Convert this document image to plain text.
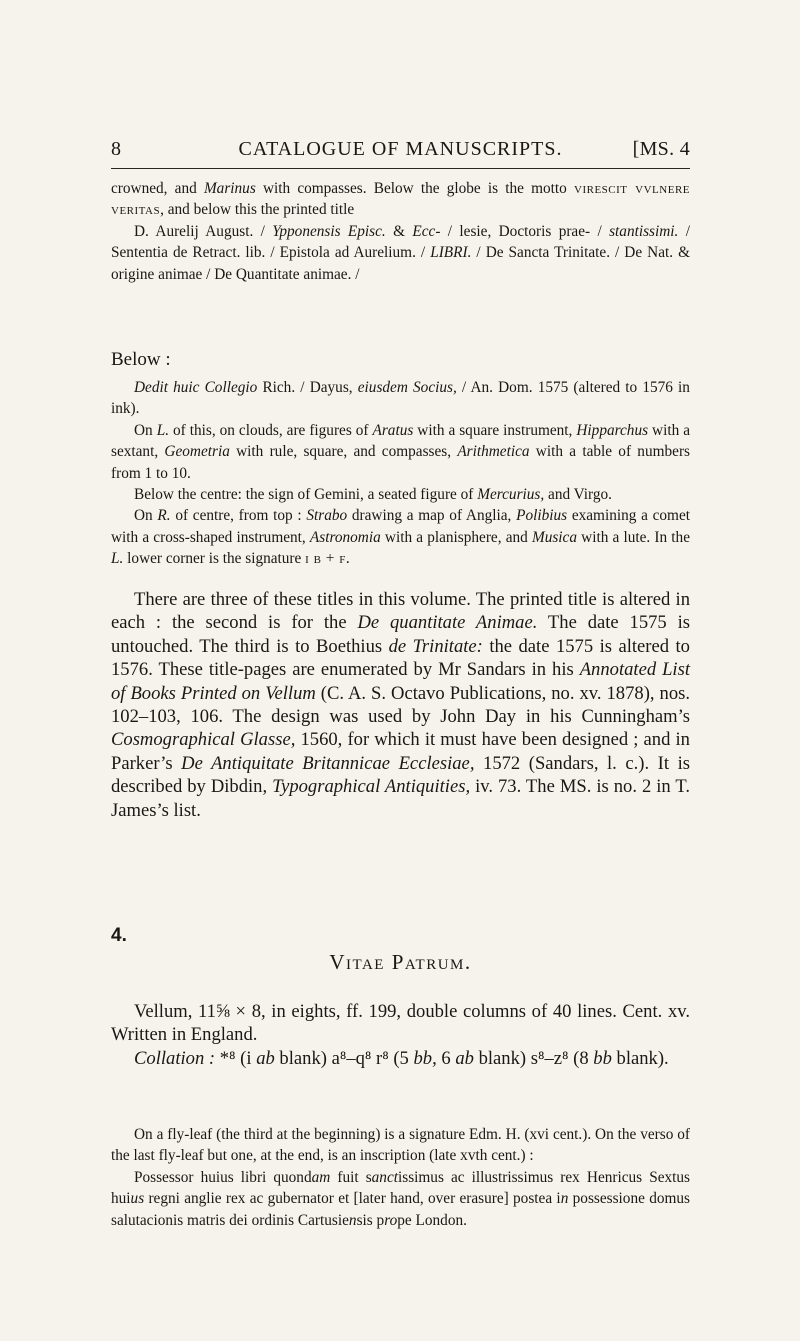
8	CATALOGUE OF MANUSCRIPTS.	[MS. 4

crowned, and Marinus with compasses. Below the globe is the motto virescit vvlnere veritas, and below this the printed title

D. Aurelij August. / Ypponensis Episc. & Ecc- / lesie, Doctoris prae- / stantissimi. / Sententia de Retract. lib. / Epistola ad Aurelium. / LIBRI. / De Sancta Trinitate. / De Nat. & origine animae / De Quantitate animae. /

Below :

Dedit huic Collegio Rich. / Dayus, eiusdem Socius, / An. Dom. 1575 (altered to 1576 in ink).

On L. of this, on clouds, are figures of Aratus with a square instrument, Hipparchus with a sextant, Geometria with rule, square, and compasses, Arithmetica with a table of numbers from 1 to 10.

Below the centre: the sign of Gemini, a seated figure of Mercurius, and Virgo.

On R. of centre, from top : Strabo drawing a map of Anglia, Polibius examining a comet with a cross-shaped instrument, Astronomia with a planisphere, and Musica with a lute. In the L. lower corner is the signature i b + f.

There are three of these titles in this volume. The printed title is altered in each : the second is for the De quantitate Animae. The date 1575 is untouched. The third is to Boethius de Trinitate: the date 1575 is altered to 1576. These title-pages are enumerated by Mr Sandars in his Annotated List of Books Printed on Vellum (C. A. S. Octavo Publications, no. xv. 1878), nos. 102–103, 106. The design was used by John Day in his Cunningham’s Cosmographical Glasse, 1560, for which it must have been designed ; and in Parker’s De Antiquitate Britannicae Ecclesiae, 1572 (Sandars, l. c.). It is described by Dibdin, Typographical Antiquities, iv. 73. The MS. is no. 2 in T. James’s list.

4.
Vitae Patrum.

Vellum, 11⅝ × 8, in eights, ff. 199, double columns of 40 lines. Cent. xv. Written in England.

Collation : *⁸ (i ab blank) a⁸–q⁸ r⁸ (5 bb, 6 ab blank) s⁸–z⁸ (8 bb blank).

On a fly-leaf (the third at the beginning) is a signature Edm. H. (xvi cent.). On the verso of the last fly-leaf but one, at the end, is an inscription (late xvth cent.) :

Possessor huius libri quondam fuit sanctissimus ac illustrissimus rex Henricus Sextus huius regni anglie rex ac gubernator et [later hand, over erasure] postea in possessione domus salutacionis matris dei ordinis Cartusiensis prope London.
